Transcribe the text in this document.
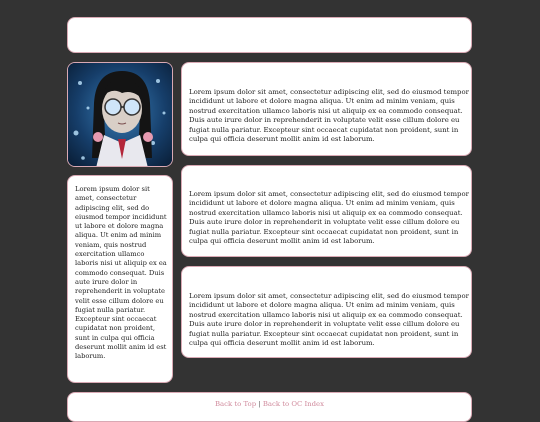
Lorem ipsum dolor sit amet, consectetur adipiscing elit, sed do eiusmod tempor incididunt ut labore et dolore magna aliqua. Ut enim ad minim veniam, quis nostrud exercitation ullamco laboris nisi ut aliquip ex ea commodo consequat. Duis aute irure dolor in reprehenderit in voluptate velit esse cillum dolore eu fugiat nulla pariatur. Excepteur sint occaecat cupidatat non proident, sunt in culpa qui officia deserunt mollit anim id est laborum.

Lorem ipsum dolor sit amet, consectetur adipiscing elit, sed do eiusmod tempor incididunt ut labore et dolore magna aliqua. Ut enim ad minim veniam, quis nostrud exercitation ullamco laboris nisi ut aliquip ex ea commodo consequat. Duis aute irure dolor in reprehenderit in voluptate velit esse cillum dolore eu fugiat nulla pariatur. Excepteur sint occaecat cupidatat non proident, sunt in culpa qui officia deserunt mollit anim id est laborum.

Lorem ipsum dolor sit amet, consectetur adipiscing elit, sed do eiusmod tempor incididunt ut labore et dolore magna aliqua. Ut enim ad minim veniam, quis nostrud exercitation ullamco laboris nisi ut aliquip ex ea commodo consequat. Duis aute irure dolor in reprehenderit in voluptate velit esse cillum dolore eu fugiat nulla pariatur. Excepteur sint occaecat cupidatat non proident, sunt in culpa qui officia deserunt mollit anim id est laborum.

Lorem ipsum dolor sit amet, consectetur adipiscing elit, sed do eiusmod tempor incididunt ut labore et dolore magna aliqua. Ut enim ad minim veniam, quis nostrud exercitation ullamco laboris nisi ut aliquip ex ea commodo consequat. Duis aute irure dolor in reprehenderit in voluptate velit esse cillum dolore eu fugiat nulla pariatur. Excepteur sint occaecat cupidatat non proident, sunt in culpa qui officia deserunt mollit anim id est laborum.

Back to Top | Back to OC Index
